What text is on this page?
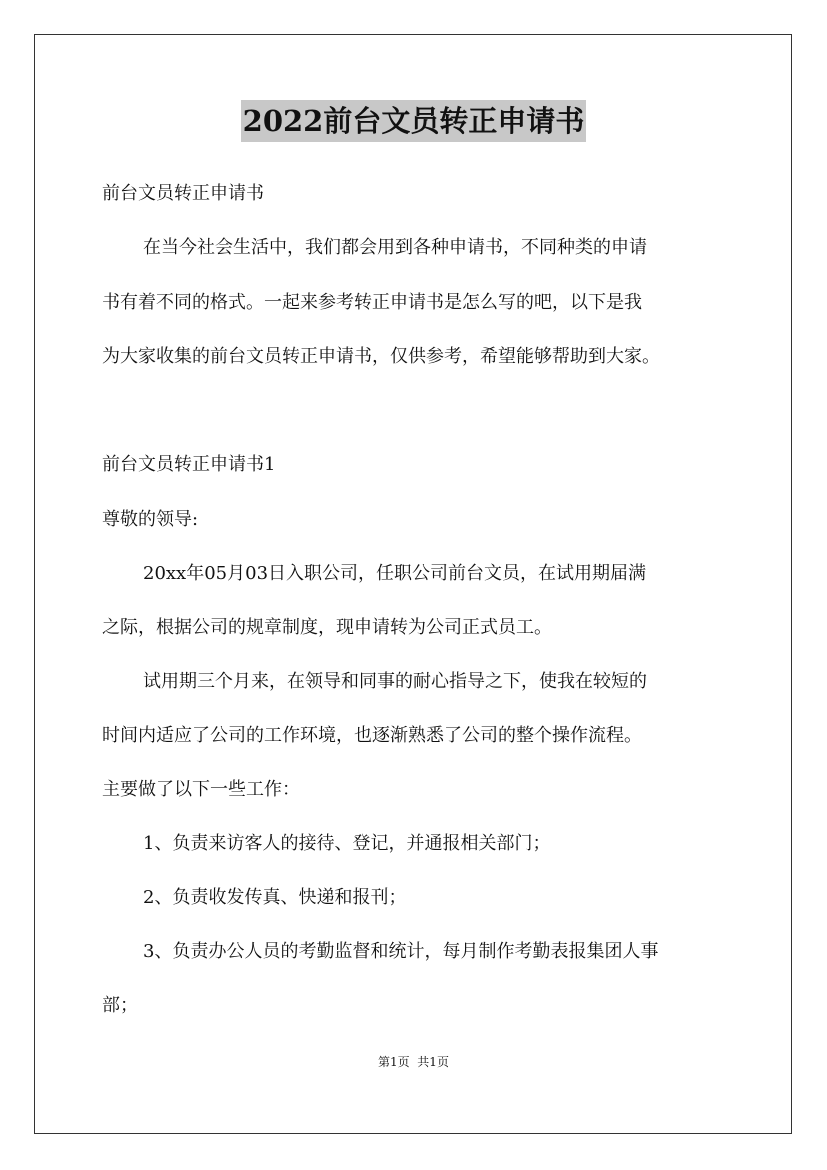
2022前台文员转正申请书
前台文员转正申请书
在当今社会生活中，我们都会用到各种申请书，不同种类的申请
书有着不同的格式。一起来参考转正申请书是怎么写的吧，以下是我
为大家收集的前台文员转正申请书，仅供参考，希望能够帮助到大家。
前台文员转正申请书1
尊敬的领导:
20xx年05月03日入职公司，任职公司前台文员，在试用期届满
之际，根据公司的规章制度，现申请转为公司正式员工。
试用期三个月来，在领导和同事的耐心指导之下，使我在较短的
时间内适应了公司的工作环境，也逐渐熟悉了公司的整个操作流程。
主要做了以下一些工作：
1、负责来访客人的接待、登记，并通报相关部门；
2、负责收发传真、快递和报刊；
3、负责办公人员的考勤监督和统计，每月制作考勤表报集团人事
部；
第1页  共1页
